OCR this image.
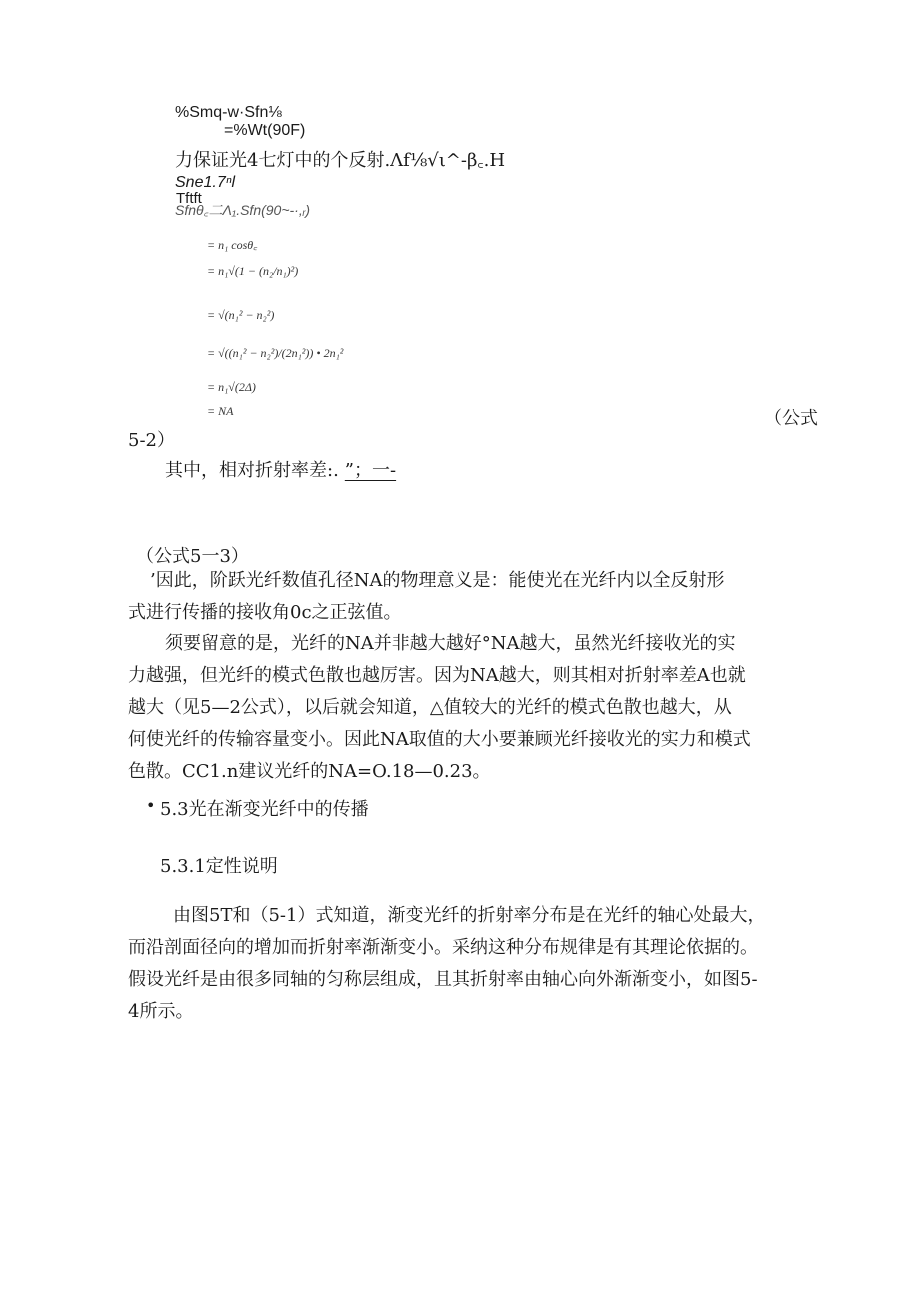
%Smq-w·Sfn⅛
=%Wt(90F)
力保证光4七灯中的个反射.Λf⅛√ι^-β꜀.H
Sne1.7ⁿl
Tftft
Sfnθ꜀二Λ₁.Sfn(90~-·,ᵣ)
= n₁ cosθ꜀
= n₁√(1 − (n₂/n₁)²)
= √(n₁² − n₂²)
= √((n₁² − n₂²)/(2n₁²)) • 2n₁²
= n₁√(2Δ)
= NA	（公式
5-2）
其中，相对折射率差:. ”；一-
（公式5一3）
’因此，阶跃光纤数值孔径NA的物理意义是：能使光在光纤内以全反射形
式进行传播的接收角0c之正弦值。
须要留意的是，光纤的NA并非越大越好°NA越大，虽然光纤接收光的实
力越强，但光纤的模式色散也越厉害。因为NA越大，则其相对折射率差A也就
越大（见5—2公式），以后就会知道，△值较大的光纤的模式色散也越大，从
何使光纤的传输容量变小。因此NA取值的大小要兼顾光纤接收光的实力和模式
色散。CC1.n建议光纤的NA=O.18—0.23。
• 5.3光在渐变光纤中的传播
5.3.1定性说明
由图5T和（5-1）式知道，渐变光纤的折射率分布是在光纤的轴心处最大，
而沿剖面径向的增加而折射率渐渐变小。采纳这种分布规律是有其理论依据的。
假设光纤是由很多同轴的匀称层组成，且其折射率由轴心向外渐渐变小，如图5-
4所示。
